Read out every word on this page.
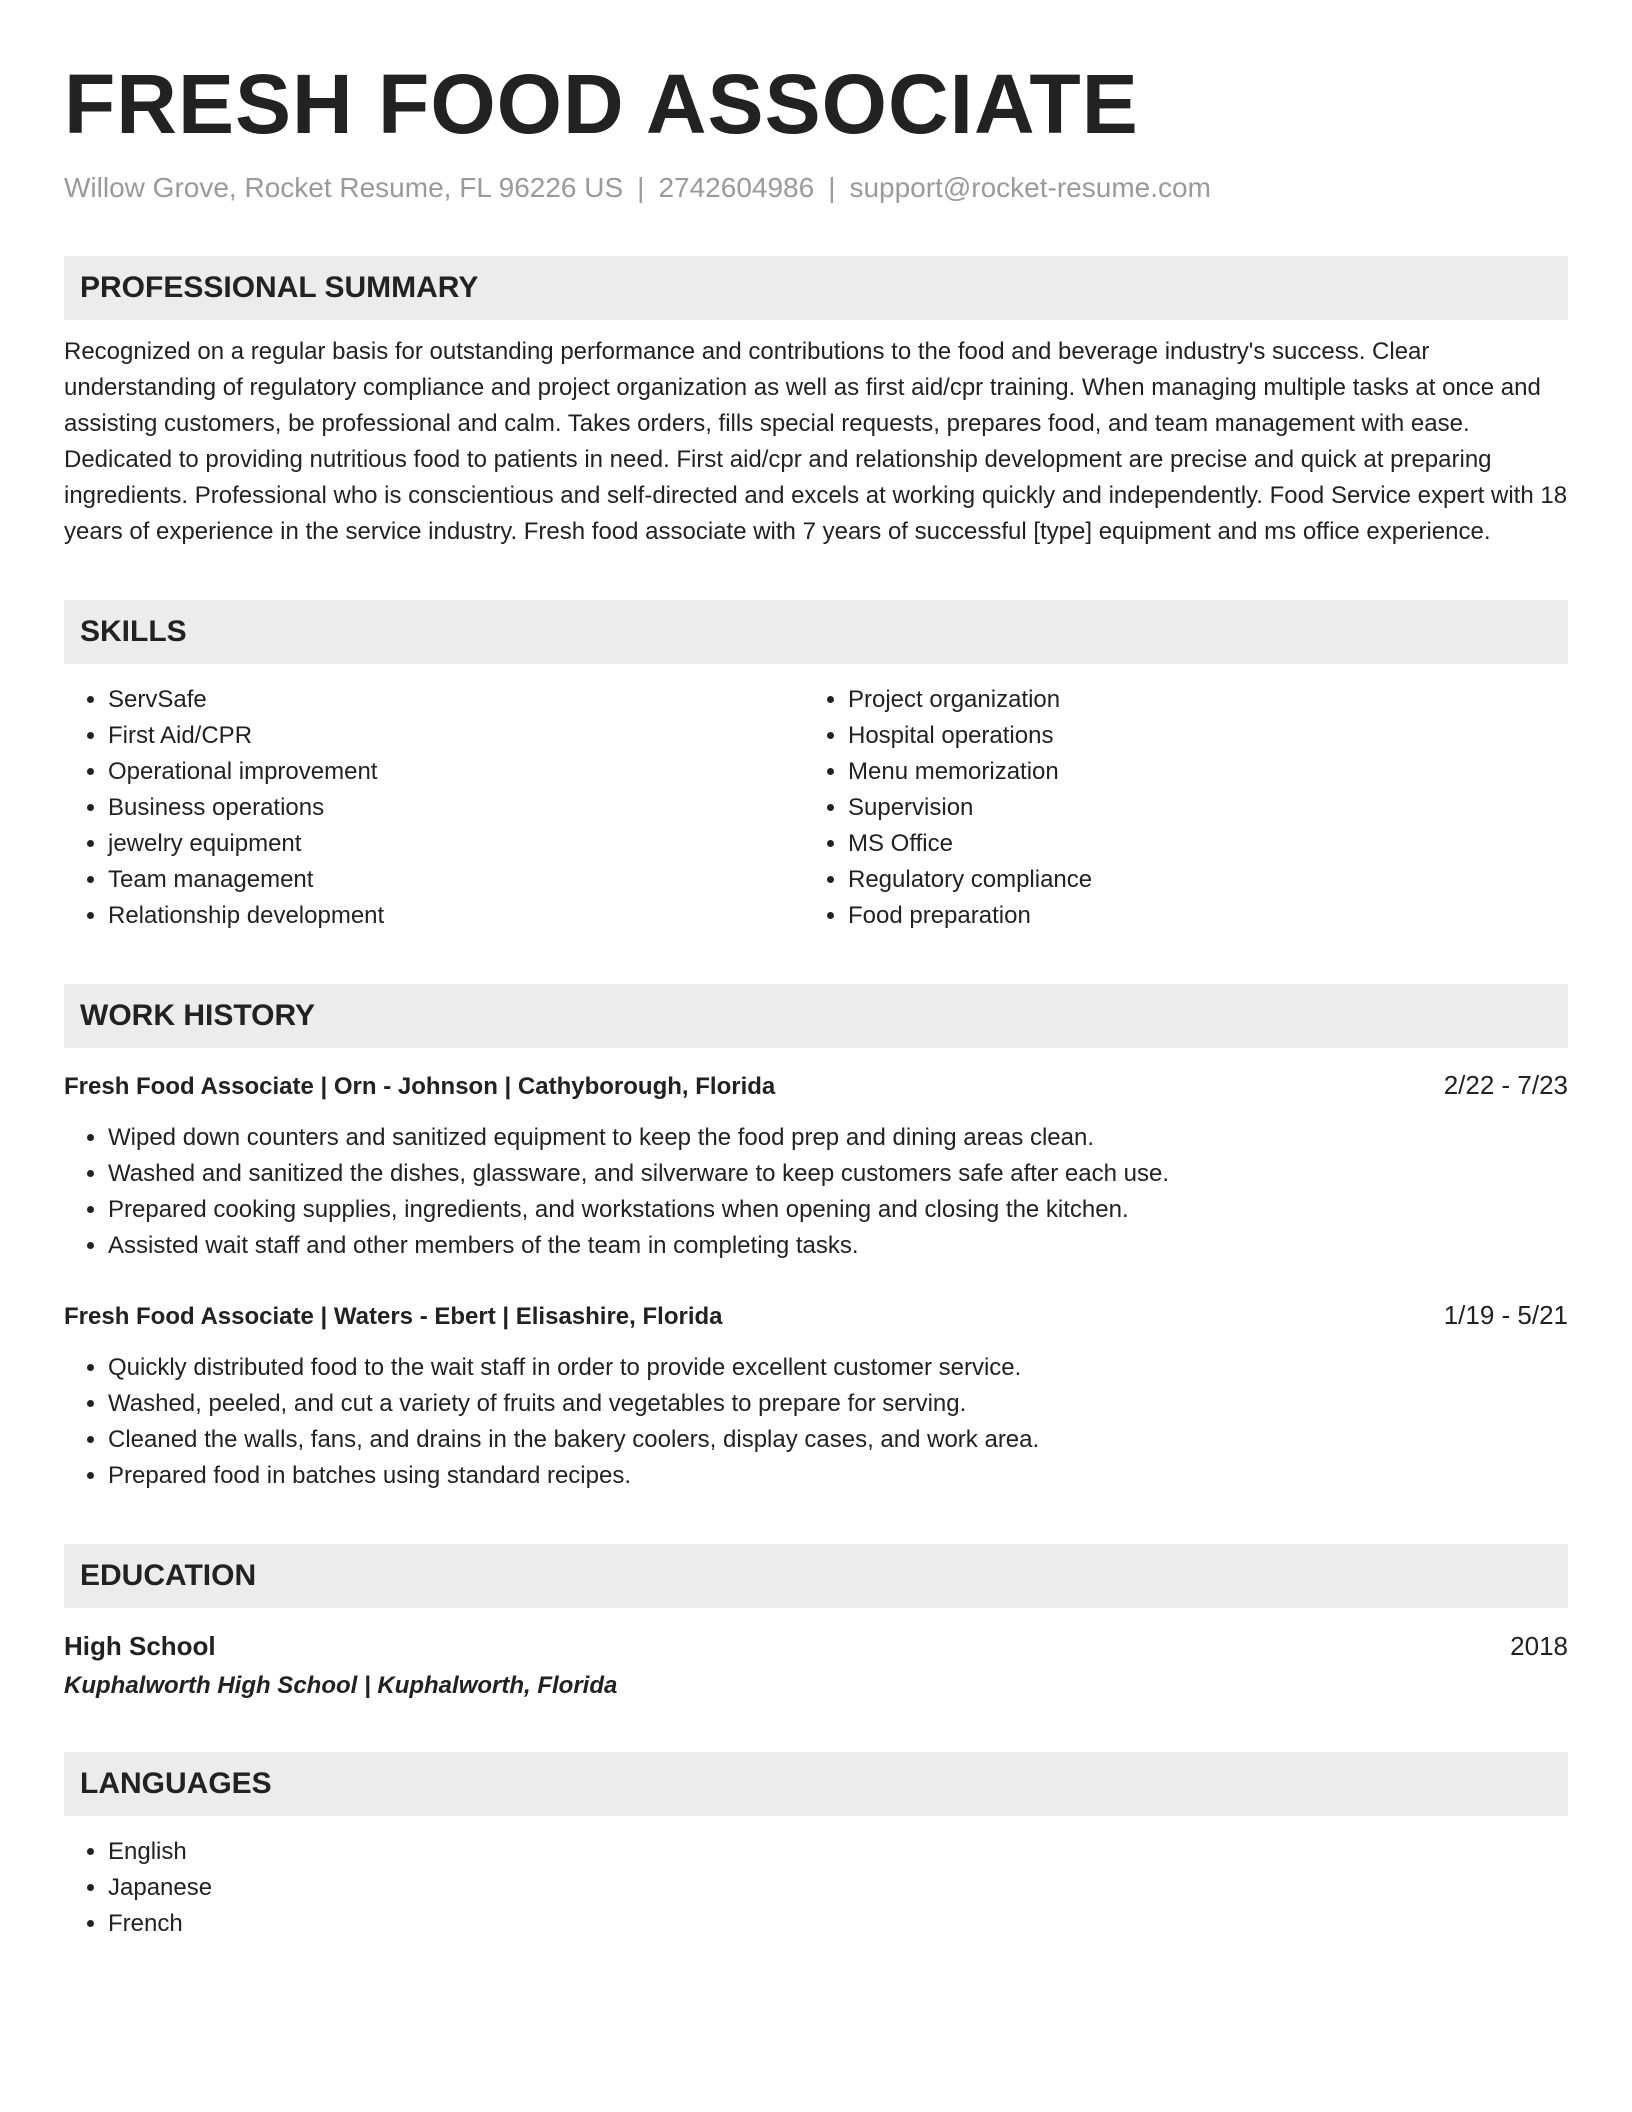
FRESH FOOD ASSOCIATE
Willow Grove, Rocket Resume, FL 96226 US | 2742604986 | support@rocket-resume.com
PROFESSIONAL SUMMARY
Recognized on a regular basis for outstanding performance and contributions to the food and beverage industry's success. Clear understanding of regulatory compliance and project organization as well as first aid/cpr training. When managing multiple tasks at once and assisting customers, be professional and calm. Takes orders, fills special requests, prepares food, and team management with ease. Dedicated to providing nutritious food to patients in need. First aid/cpr and relationship development are precise and quick at preparing ingredients. Professional who is conscientious and self-directed and excels at working quickly and independently. Food Service expert with 18 years of experience in the service industry. Fresh food associate with 7 years of successful [type] equipment and ms office experience.
SKILLS
• ServSafe
• First Aid/CPR
• Operational improvement
• Business operations
• jewelry equipment
• Team management
• Relationship development
• Project organization
• Hospital operations
• Menu memorization
• Supervision
• MS Office
• Regulatory compliance
• Food preparation
WORK HISTORY
Fresh Food Associate | Orn - Johnson | Cathyborough, Florida	2/22 - 7/23
• Wiped down counters and sanitized equipment to keep the food prep and dining areas clean.
• Washed and sanitized the dishes, glassware, and silverware to keep customers safe after each use.
• Prepared cooking supplies, ingredients, and workstations when opening and closing the kitchen.
• Assisted wait staff and other members of the team in completing tasks.
Fresh Food Associate | Waters - Ebert | Elisashire, Florida	1/19 - 5/21
• Quickly distributed food to the wait staff in order to provide excellent customer service.
• Washed, peeled, and cut a variety of fruits and vegetables to prepare for serving.
• Cleaned the walls, fans, and drains in the bakery coolers, display cases, and work area.
• Prepared food in batches using standard recipes.
EDUCATION
High School	2018
Kuphalworth High School | Kuphalworth, Florida
LANGUAGES
• English
• Japanese
• French
